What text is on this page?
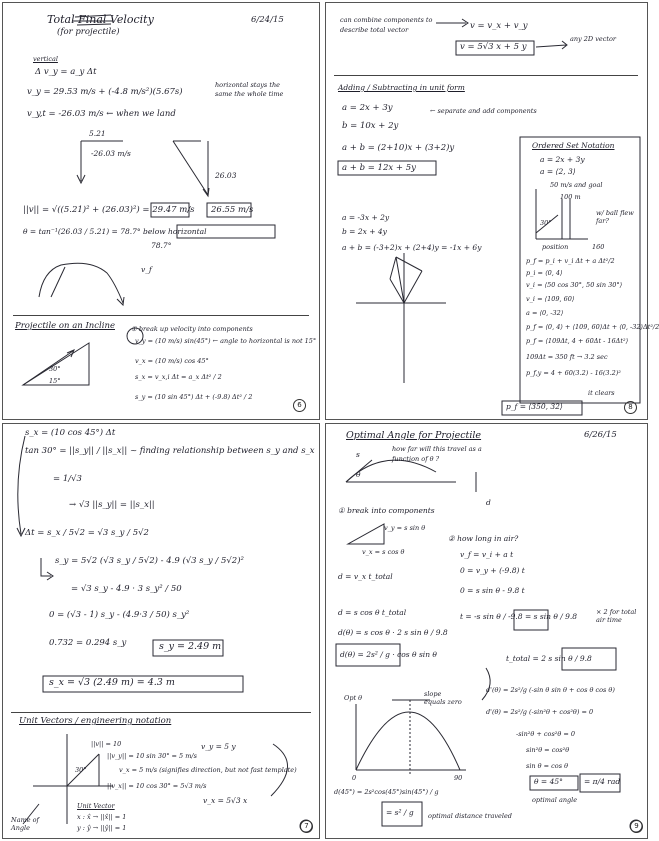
Total Final Velocity
(for projectile)
6/24/15
vertical
Δ v_y = a_y Δt
v_y = 29.53 m/s + (-4.8 m/s²)(5.67s)
v_y,t = -26.03 m/s ← when we land
horizontal stays the same the whole time
5.21
-26.03 m/s
26.03
||v|| = √((5.21)² + (26.03)²) = 29.47 m/s 26.55 m/s
θ = tan⁻¹(26.03 / 5.21) = 78.7° below horizontal
78.7°
v_f
Projectile on an Incline ① break up velocity into components
v_y = (10 m/s) sin(45°) ← angle to horizontal is not 15°
v_x = (10 m/s) cos 45°
s_x = v_x,i Δt = a_x Δt² / 2
s_y = (10 sin 45°) Δt + (-9.8) Δt² / 2
30°
15°
6
can combine components to describe total vector	v = v_x + v_y
v = 5√3 x + 5 y
any 2D vector
Adding / Subtracting in unit form
a = 2x + 3y
b = 10x + 2y
← separate and add components
a + b = (2+10)x + (3+2)y
a + b = 12x + 5y
a = -3x + 2y
b = 2x + 4y
a + b = (-3+2)x + (2+4)y = -1x + 6y
Ordered Set Notation
a = 2x + 3y
a = ⟨2, 3⟩
50 m/s and goal
30°
100 m
position	160
w/ ball flew far?
p_f = p_i + v_i Δt + a Δt²/2
p_i = ⟨0, 4⟩
v_i = ⟨50 cos 30°, 50 sin 30°⟩
v_i = ⟨109, 60⟩
a = ⟨0, -32⟩
p_f = ⟨0, 4⟩ + ⟨109, 60⟩Δt + ⟨0, -32⟩Δt²/2
p_f = ⟨109Δt, 4 + 60Δt - 16Δt²⟩
109Δt = 350 ft → 3.2 sec
p_f,y = 4 + 60(3.2) - 16(3.2)²
p_f = ⟨350, 32⟩
it clears
8
s_x = (10 cos 45°) Δt
tan 30° = ||s_y|| / ||s_x|| ~ finding relationship between s_y and s_x
= 1/√3
→ √3 ||s_y|| = ||s_x||
Δt = s_x / 5√2 = √3 s_y / 5√2
s_y = 5√2 (√3 s_y / 5√2) - 4.9 (√3 s_y / 5√2)²
= √3 s_y - 4.9 · 3 s_y² / 50
0 = (√3 - 1) s_y - (4.9·3 / 50) s_y²
0.732 = 0.294 s_y	s_y = 2.49 m
s_x = √3 (2.49 m) = 4.3 m
Unit Vectors / engineering notation
||v|| = 10
||v_y|| = 10 sin 30° = 5 m/s
v_y = 5 y
v_x = 5 m/s (signifies direction, but not fast template)
||v_x|| = 10 cos 30° = 5√3 m/s
v_x = 5√3 x
Unit Vector
x : x̂ → ||x̂|| = 1
y : ŷ → ||ŷ|| = 1
30°
Name of Angle	7
Optimal Angle for Projectile	6/26/15
how far will this travel as a function of θ ?
s
θ
d
① break into components
v_y = s sin θ
v_x = s cos θ
② how long in air?
v_f = v_i + a t
0 = v_y + (-9.8) t
d = v_x t_total
0 = s sin θ - 9.8 t
t = -s sin θ / -9.8 = s sin θ / 9.8	× 2 for total air time
d = s cos θ t_total
d(θ) = s cos θ · 2 s sin θ / 9.8
t_total = 2 s sin θ / 9.8
d(θ) = 2s² / g · cos θ sin θ
slope equals zero
0	90
Opt θ
d'(θ) = 2s²/g (-sin θ sin θ + cos θ cos θ)
d'(θ) = 2s²/g (-sin²θ + cos²θ) = 0
-sin²θ + cos²θ = 0
sin²θ = cos²θ
sin θ = cos θ
θ = 45°	= π/4 rad
optimal angle
d(45°) = 2s²cos(45°)sin(45°) / g
= s² / g optimal distance traveled
9
